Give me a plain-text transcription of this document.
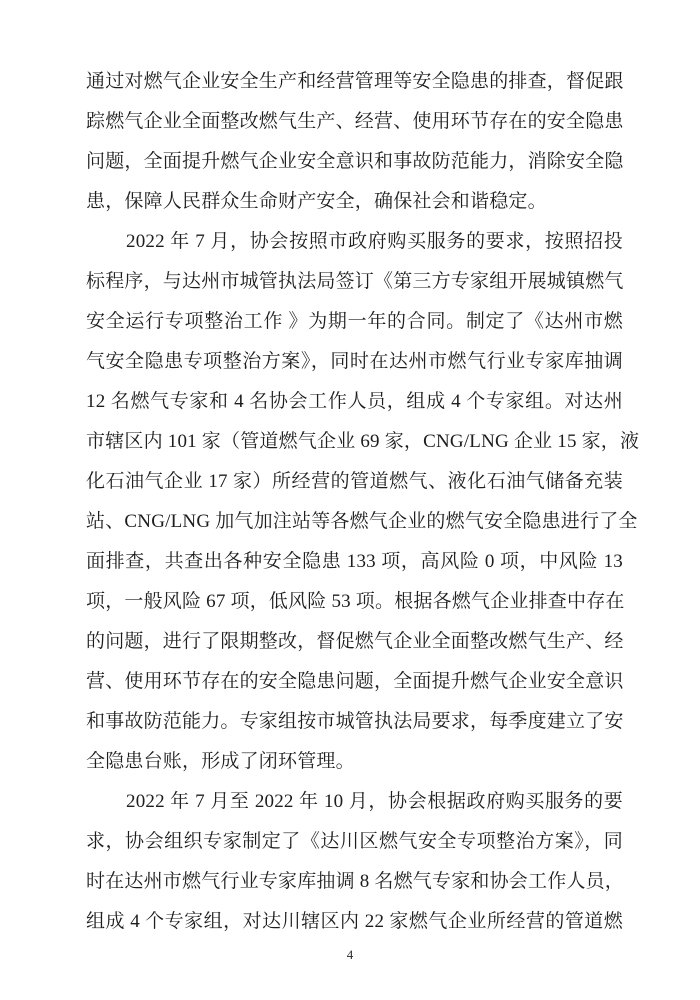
通过对燃气企业安全生产和经营管理等安全隐患的排查，督促跟
踪燃气企业全面整改燃气生产、经营、使用环节存在的安全隐患
问题，全面提升燃气企业安全意识和事故防范能力，消除安全隐
患，保障人民群众生命财产安全，确保社会和谐稳定。
2022 年 7 月，协会按照市政府购买服务的要求，按照招投
标程序，与达州市城管执法局签订《第三方专家组开展城镇燃气
安全运行专项整治工作 》为期一年的合同。制定了《达州市燃
气安全隐患专项整治方案》，同时在达州市燃气行业专家库抽调
12 名燃气专家和 4 名协会工作人员，组成 4 个专家组。对达州
市辖区内 101 家（管道燃气企业 69 家，CNG/LNG 企业 15 家，液
化石油气企业 17 家）所经营的管道燃气、液化石油气储备充装
站、CNG/LNG 加气加注站等各燃气企业的燃气安全隐患进行了全
面排查，共查出各种安全隐患 133 项，高风险 0 项，中风险 13
项，一般风险 67 项，低风险 53 项。根据各燃气企业排查中存在
的问题，进行了限期整改，督促燃气企业全面整改燃气生产、经
营、使用环节存在的安全隐患问题，全面提升燃气企业安全意识
和事故防范能力。专家组按市城管执法局要求，每季度建立了安
全隐患台账，形成了闭环管理。
2022 年 7 月至 2022 年 10 月，协会根据政府购买服务的要
求，协会组织专家制定了《达川区燃气安全专项整治方案》，同
时在达州市燃气行业专家库抽调 8 名燃气专家和协会工作人员，
组成 4 个专家组，对达川辖区内 22 家燃气企业所经营的管道燃
4
